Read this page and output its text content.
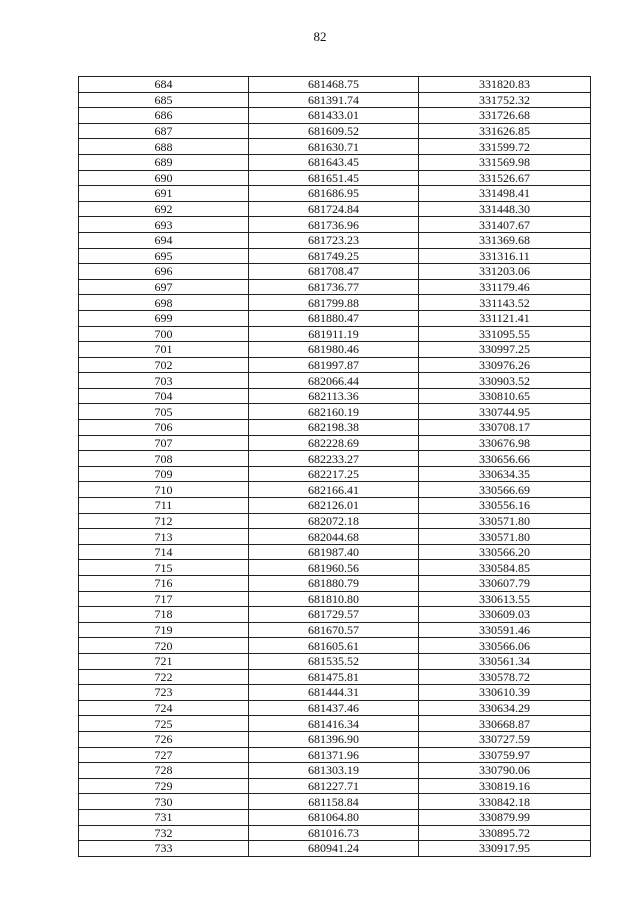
82
684	681468.75	331820.83
685	681391.74	331752.32
686	681433.01	331726.68
687	681609.52	331626.85
688	681630.71	331599.72
689	681643.45	331569.98
690	681651.45	331526.67
691	681686.95	331498.41
692	681724.84	331448.30
693	681736.96	331407.67
694	681723.23	331369.68
695	681749.25	331316.11
696	681708.47	331203.06
697	681736.77	331179.46
698	681799.88	331143.52
699	681880.47	331121.41
700	681911.19	331095.55
701	681980.46	330997.25
702	681997.87	330976.26
703	682066.44	330903.52
704	682113.36	330810.65
705	682160.19	330744.95
706	682198.38	330708.17
707	682228.69	330676.98
708	682233.27	330656.66
709	682217.25	330634.35
710	682166.41	330566.69
711	682126.01	330556.16
712	682072.18	330571.80
713	682044.68	330571.80
714	681987.40	330566.20
715	681960.56	330584.85
716	681880.79	330607.79
717	681810.80	330613.55
718	681729.57	330609.03
719	681670.57	330591.46
720	681605.61	330566.06
721	681535.52	330561.34
722	681475.81	330578.72
723	681444.31	330610.39
724	681437.46	330634.29
725	681416.34	330668.87
726	681396.90	330727.59
727	681371.96	330759.97
728	681303.19	330790.06
729	681227.71	330819.16
730	681158.84	330842.18
731	681064.80	330879.99
732	681016.73	330895.72
733	680941.24	330917.95
